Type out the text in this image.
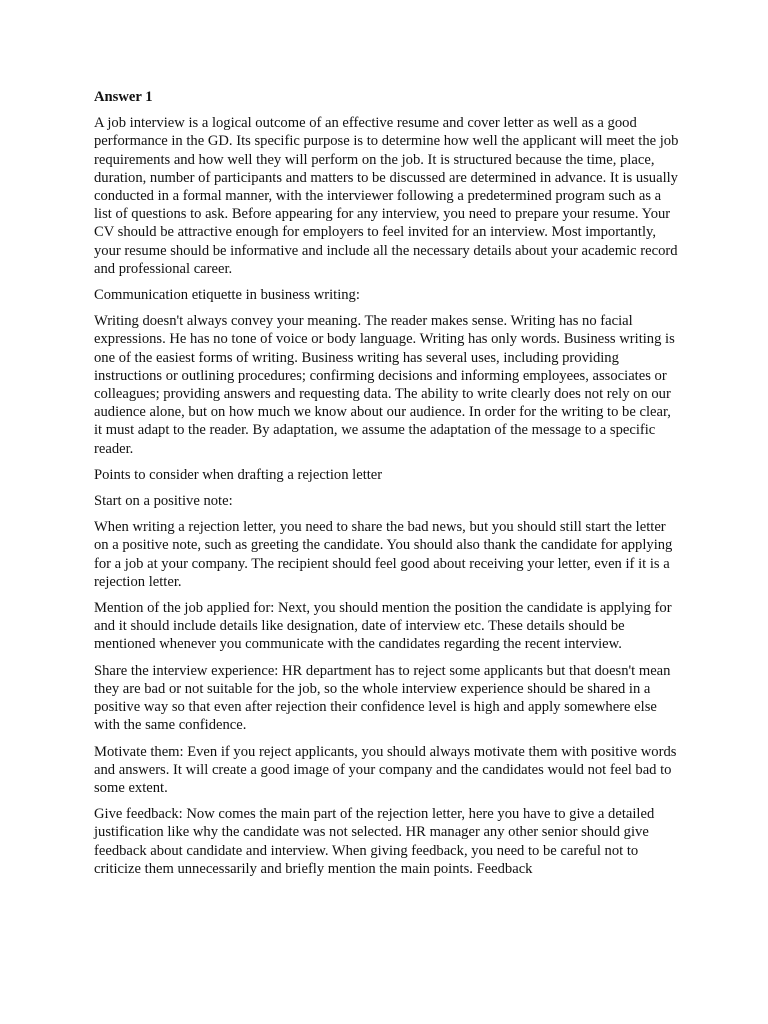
Answer 1

A job interview is a logical outcome of an effective resume and cover letter as well as a good performance in the GD. Its specific purpose is to determine how well the applicant will meet the job requirements and how well they will perform on the job. It is structured because the time, place, duration, number of participants and matters to be discussed are determined in advance. It is usually conducted in a formal manner, with the interviewer following a predetermined program such as a list of questions to ask. Before appearing for any interview, you need to prepare your resume. Your CV should be attractive enough for employers to feel invited for an interview. Most importantly, your resume should be informative and include all the necessary details about your academic record and professional career.

Communication etiquette in business writing:

Writing doesn't always convey your meaning. The reader makes sense. Writing has no facial expressions. He has no tone of voice or body language. Writing has only words. Business writing is one of the easiest forms of writing. Business writing has several uses, including providing instructions or outlining procedures; confirming decisions and informing employees, associates or colleagues; providing answers and requesting data. The ability to write clearly does not rely on our audience alone, but on how much we know about our audience. In order for the writing to be clear, it must adapt to the reader. By adaptation, we assume the adaptation of the message to a specific reader.

Points to consider when drafting a rejection letter

Start on a positive note:

When writing a rejection letter, you need to share the bad news, but you should still start the letter on a positive note, such as greeting the candidate. You should also thank the candidate for applying for a job at your company. The recipient should feel good about receiving your letter, even if it is a rejection letter.

Mention of the job applied for: Next, you should mention the position the candidate is applying for and it should include details like designation, date of interview etc. These details should be mentioned whenever you communicate with the candidates regarding the recent interview.

Share the interview experience: HR department has to reject some applicants but that doesn't mean they are bad or not suitable for the job, so the whole interview experience should be shared in a positive way so that even after rejection their confidence level is high and apply somewhere else with the same confidence.

Motivate them: Even if you reject applicants, you should always motivate them with positive words and answers. It will create a good image of your company and the candidates would not feel bad to some extent.

Give feedback: Now comes the main part of the rejection letter, here you have to give a detailed justification like why the candidate was not selected. HR manager any other senior should give feedback about candidate and interview. When giving feedback, you need to be careful not to criticize them unnecessarily and briefly mention the main points. Feedback
